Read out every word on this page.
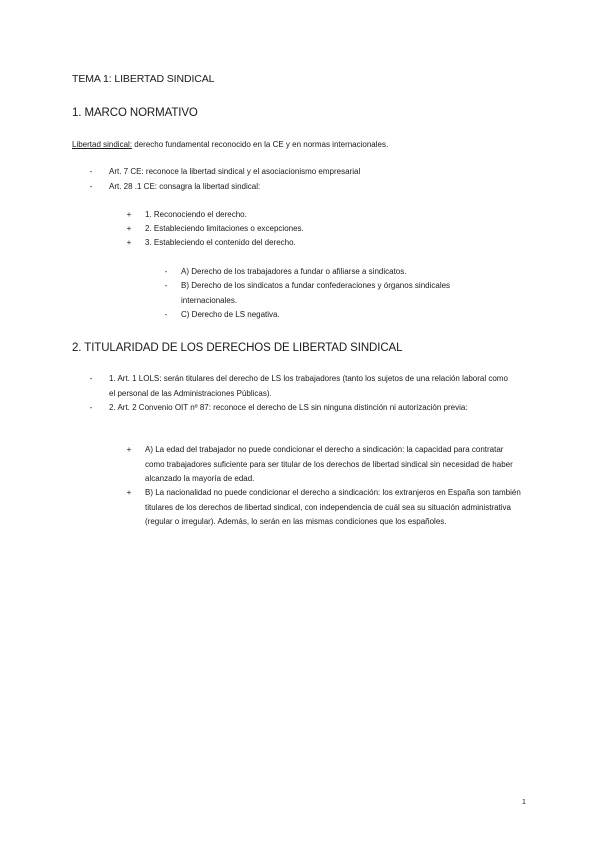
TEMA 1: LIBERTAD SINDICAL
1. MARCO NORMATIVO
Libertad sindical: derecho fundamental reconocido en la CE y en normas internacionales.
-	Art. 7 CE: reconoce la libertad sindical y el asociacionismo empresarial
-	Art. 28 .1 CE: consagra la libertad sindical:
+	1. Reconociendo el derecho.
+	2. Estableciendo limitaciones o excepciones.
+	3. Estableciendo el contenido del derecho.
-	A) Derecho de los trabajadores a fundar o afiliarse a sindicatos.
-	B) Derecho de los sindicatos a fundar confederaciones y órganos sindicales internacionales.
-	C) Derecho de LS negativa.
2. TITULARIDAD DE LOS DERECHOS DE LIBERTAD SINDICAL
-	1. Art. 1 LOLS: serán titulares del derecho de LS los trabajadores (tanto los sujetos de una relación laboral como el personal de las Administraciones Públicas).
-	2. Art. 2 Convenio OIT nº 87: reconoce el derecho de LS sin ninguna distinción ni autorización previa:
+	A) La edad del trabajador no puede condicionar el derecho a sindicación: la capacidad para contratar como trabajadores suficiente para ser titular de los derechos de libertad sindical sin necesidad de haber alcanzado la mayoría de edad.
+	B) La nacionalidad no puede condicionar el derecho a sindicación: los extranjeros en España son también titulares de los derechos de libertad sindical, con independencia de cuál sea su situación administrativa (regular o irregular). Además, lo serán en las mismas condiciones que los españoles.
1
